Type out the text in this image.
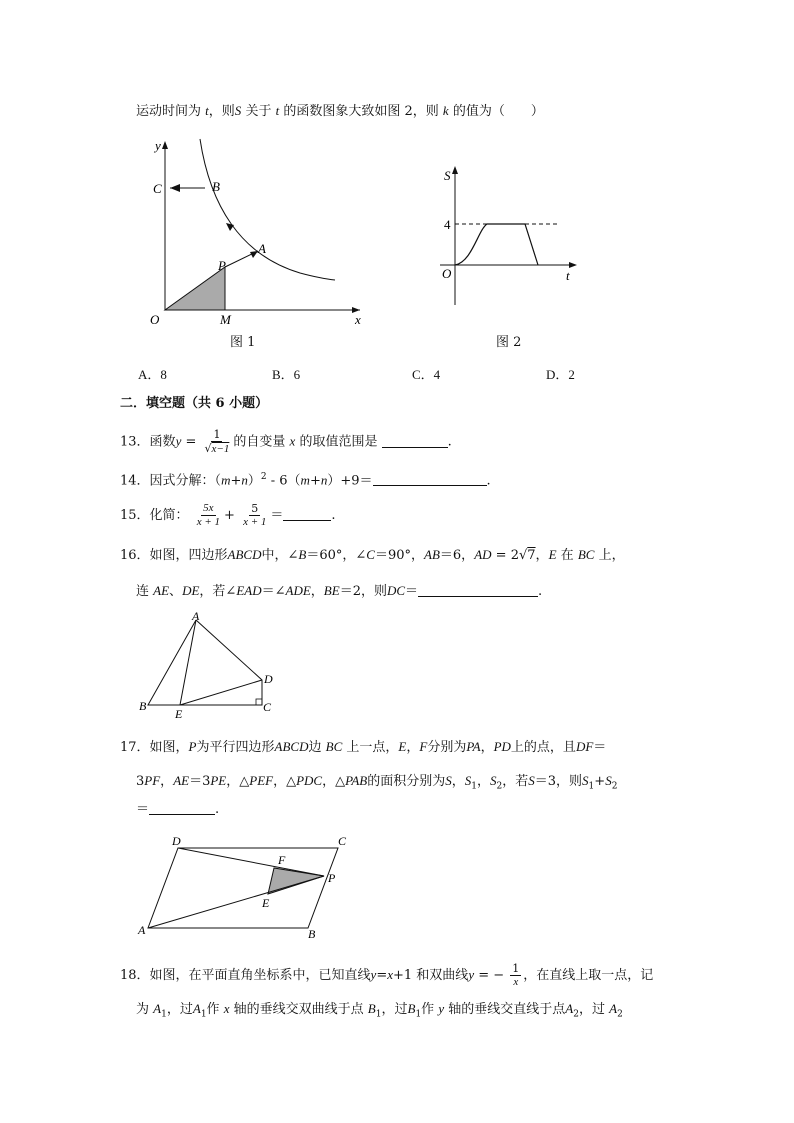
运动时间为 t，则S 关于 t 的函数图象大致如图 2，则 k 的值为（　　）
y
x
O
C	B
A
P
M
图 1
S
t
O
4
图 2
A．8	B．6	C．4	D．2
二．填空题（共 6 小题）
13．函数$y = \frac{1}{√x-1}$ 的自变量 x 的取值范围是	.
14．因式分解：$(m+n)^2 - 6(m+n)+9=$	.
15．化简： $\frac{5x}{x + 1} + \frac{5}{x + 1}$ ＝	.
16．如图，四边形ABCD中，∠B＝60°，∠C＝90°，AB＝6，AD = 2√7，E 在 BC 上，
连 AE、DE，若∠EAD＝∠ADE，BE＝2，则DC＝	.
A
B	C
D
E
17．如图，P为平行四边形ABCD边 BC 上一点，E，F分别为PA，PD上的点，且DF＝
3PF，AE＝3PE，△PEF，△PDC，△PAB的面积分别为S，$S_1$，$S_2$，若S＝3，则$S_1+S_2$
＝	.
A	B
C
D
E
F
P
18．如图，在平面直角坐标系中，已知直线y=x+1 和双曲线y = − $\frac{1}{x}$ ，在直线上取一点，记
为 $A_1$，过$A_1$作 x 轴的垂线交双曲线于点 $B_1$，过$B_1$作 y 轴的垂线交直线于点$A_2$，过 $A_2$
